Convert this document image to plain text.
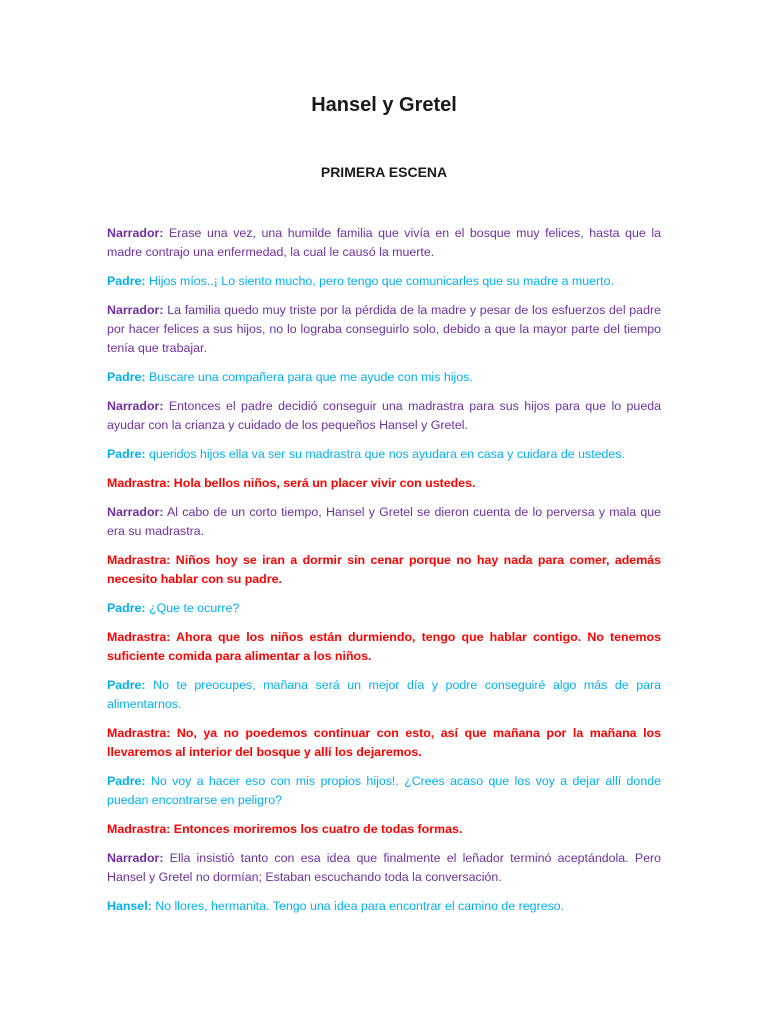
Hansel y Gretel
PRIMERA ESCENA

Narrador: Erase una vez, una humilde familia que vivía en el bosque muy felices, hasta que la madre contrajo una enfermedad, la cual le causó la muerte.

Padre: Hijos míos..¡ Lo siento mucho, pero tengo que comunicarles que su madre a muerto.

Narrador: La familia quedo muy triste por la pérdida de la madre y pesar de los esfuerzos del padre por hacer felices a sus hijos, no lo lograba conseguirlo solo, debido a que la mayor parte del tiempo tenía que trabajar.

Padre: Buscare una compañera para que me ayude con mis hijos.

Narrador: Entonces el padre decidió conseguir una madrastra para sus hijos para que lo pueda ayudar con la crianza y cuidado de los pequeños Hansel y Gretel.

Padre: queridos hijos ella va ser su madrastra que nos ayudara en casa y cuidara de ustedes.

Madrastra: Hola bellos niños, será un placer vivir con ustedes.

Narrador: Al cabo de un corto tiempo, Hansel y Gretel se dieron cuenta de lo perversa y mala que era su madrastra.

Madrastra: Niños hoy se iran a dormir sin cenar porque no hay nada para comer, además necesito hablar con su padre.

Padre: ¿Que te ocurre?

Madrastra: Ahora que los niños están durmiendo, tengo que hablar contigo. No tenemos suficiente comida para alimentar a los niños.

Padre: No te preocupes, mañana será un mejor día y podre conseguiré algo más de para alimentarnos.

Madrastra: No, ya no poedemos continuar con esto, así que mañana por la mañana los llevaremos al interior del bosque y allí los dejaremos.

Padre: No voy a hacer eso con mis propios hijos!. ¿Crees acaso que los voy a dejar allí donde puedan encontrarse en peligro?

Madrastra: Entonces moriremos los cuatro de todas formas.

Narrador: Ella insistió tanto con esa idea que finalmente el leñador terminó aceptándola. Pero Hansel y Gretel no dormían; Estaban escuchando toda la conversación.

Hansel: No llores, hermanita. Tengo una idea para encontrar el camino de regreso.
